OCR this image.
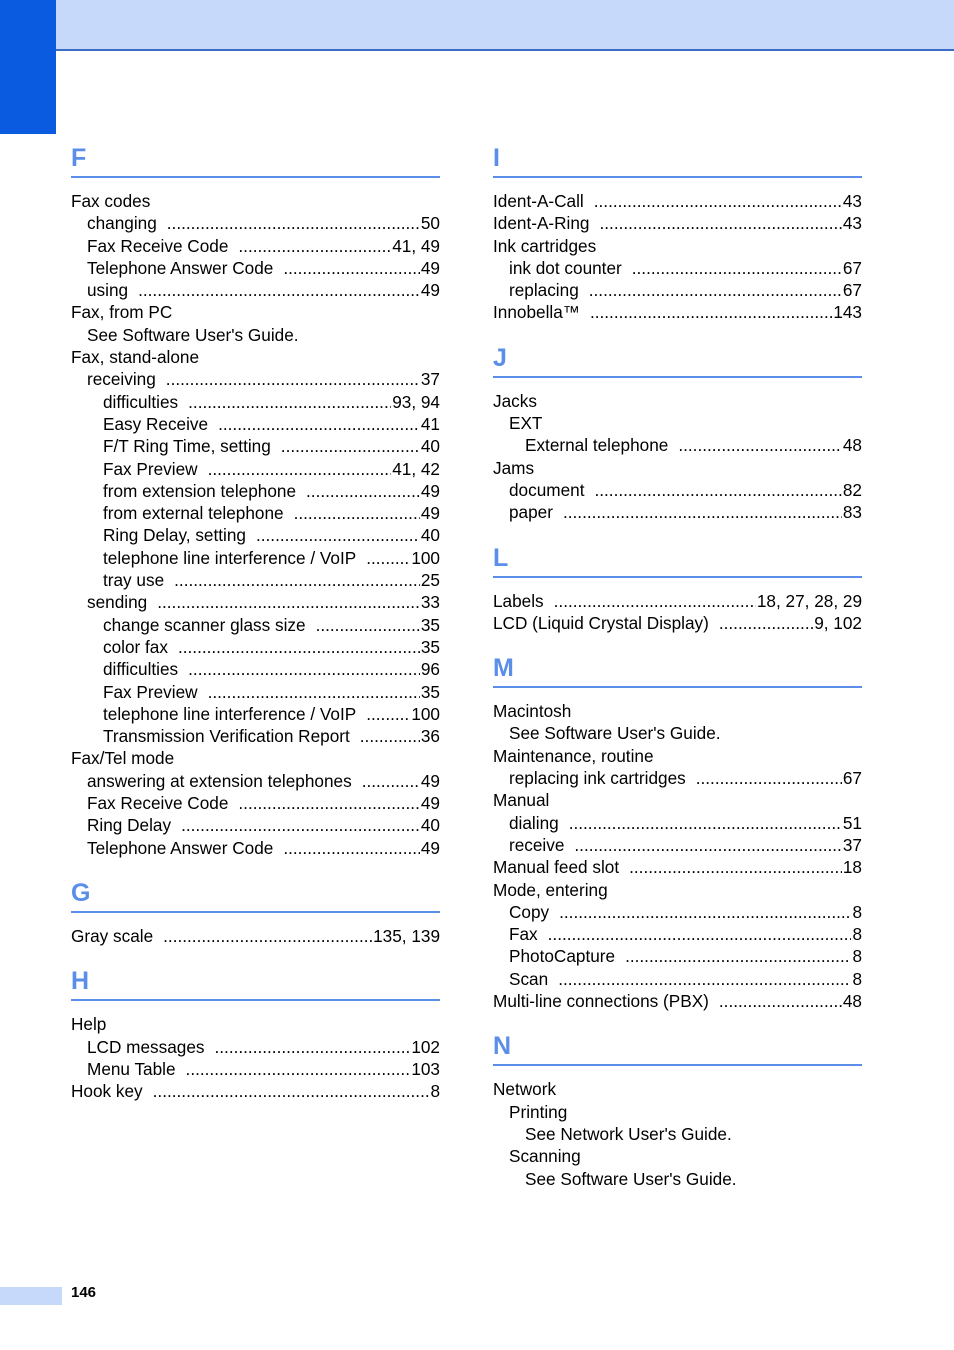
F
Fax codes
changing .....	50
Fax Receive Code .....	41, 49
Telephone Answer Code .....	49
using .....	49
Fax, from PC
See Software User's Guide.
Fax, stand-alone
receiving .....	37
difficulties .....	93, 94
Easy Receive .....	41
F/T Ring Time, setting .....	40
Fax Preview .....	41, 42
from extension telephone .....	49
from external telephone .....	49
Ring Delay, setting .....	40
telephone line interference / VoIP .....	100
tray use .....	25
sending .....	33
change scanner glass size .....	35
color fax .....	35
difficulties .....	96
Fax Preview .....	35
telephone line interference / VoIP .....	100
Transmission Verification Report .....	36
Fax/Tel mode
answering at extension telephones .....	49
Fax Receive Code .....	49
Ring Delay .....	40
Telephone Answer Code .....	49
G
Gray scale .....	135, 139
H
Help
LCD messages .....	102
Menu Table .....	103
Hook key .....	8
I
Ident-A-Call .....	43
Ident-A-Ring .....	43
Ink cartridges
ink dot counter .....	67
replacing .....	67
Innobella™ .....	143
J
Jacks
EXT
External telephone .....	48
Jams
document .....	82
paper .....	83
L
Labels .....	18, 27, 28, 29
LCD (Liquid Crystal Display) .....	9, 102
M
Macintosh
See Software User's Guide.
Maintenance, routine
replacing ink cartridges .....	67
Manual
dialing .....	51
receive .....	37
Manual feed slot .....	18
Mode, entering
Copy .....	8
Fax .....	8
PhotoCapture .....	8
Scan .....	8
Multi-line connections (PBX) .....	48
N
Network
Printing
See Network User's Guide.
Scanning
See Software User's Guide.
146
